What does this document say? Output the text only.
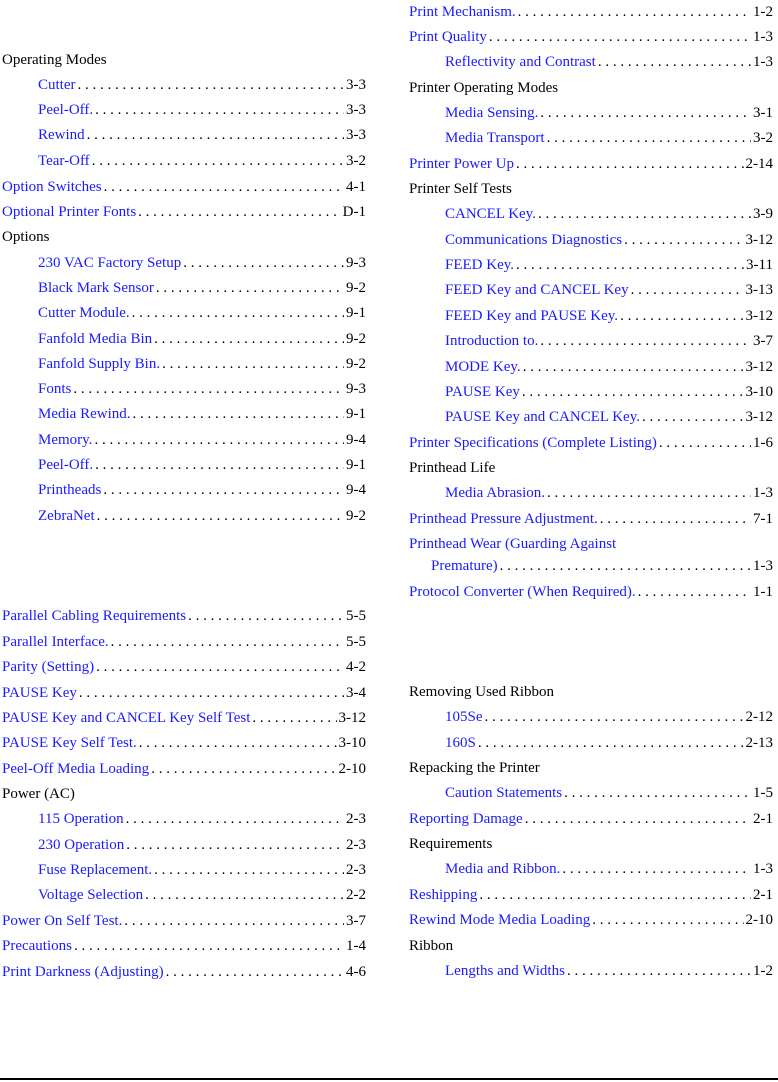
Operating Modes
Cutter . . .	3-3
Peel-Off. . . .	3-3
Rewind . . .	3-3
Tear-Off . . .	3-2
Option Switches . . .	4-1
Optional Printer Fonts . . .	D-1
Options
230 VAC Factory Setup . . .	9-3
Black Mark Sensor . . .	9-2
Cutter Module. . . .	9-1
Fanfold Media Bin . . .	9-2
Fanfold Supply Bin. . . .	9-2
Fonts . . .	9-3
Media Rewind. . . .	9-1
Memory. . . .	9-4
Peel-Off. . . .	9-1
Printheads . . .	9-4
ZebraNet . . .	9-2
Parallel Cabling Requirements . . .	5-5
Parallel Interface. . . .	5-5
Parity (Setting) . . .	4-2
PAUSE Key . . .	3-4
PAUSE Key and CANCEL Key Self Test . . .	3-12
PAUSE Key Self Test. . . .	3-10
Peel-Off Media Loading . . .	2-10
Power (AC)
115 Operation . . .	2-3
230 Operation . . .	2-3
Fuse Replacement. . . .	2-3
Voltage Selection . . .	2-2
Power On Self Test. . . .	3-7
Precautions . . .	1-4
Print Darkness (Adjusting) . . .	4-6
Print Mechanism. . . .	1-2
Print Quality . . .	1-3
Reflectivity and Contrast . . .	1-3
Printer Operating Modes
Media Sensing. . . .	3-1
Media Transport . . .	3-2
Printer Power Up . . .	2-14
Printer Self Tests
CANCEL Key. . . .	3-9
Communications Diagnostics . . .	3-12
FEED Key. . . .	3-11
FEED Key and CANCEL Key . . .	3-13
FEED Key and PAUSE Key. . . .	3-12
Introduction to. . . .	3-7
MODE Key. . . .	3-12
PAUSE Key . . .	3-10
PAUSE Key and CANCEL Key. . . .	3-12
Printer Specifications (Complete Listing) . . .	1-6
Printhead Life
Media Abrasion. . . .	1-3
Printhead Pressure Adjustment. . . .	7-1
Printhead Wear (Guarding Against
Premature) . . .	1-3
Protocol Converter (When Required). . . .	1-1
Removing Used Ribbon
105Se . . .	2-12
160S . . .	2-13
Repacking the Printer
Caution Statements . . .	1-5
Reporting Damage . . .	2-1
Requirements
Media and Ribbon. . . .	1-3
Reshipping . . .	2-1
Rewind Mode Media Loading . . .	2-10
Ribbon
Lengths and Widths . . .	1-2
